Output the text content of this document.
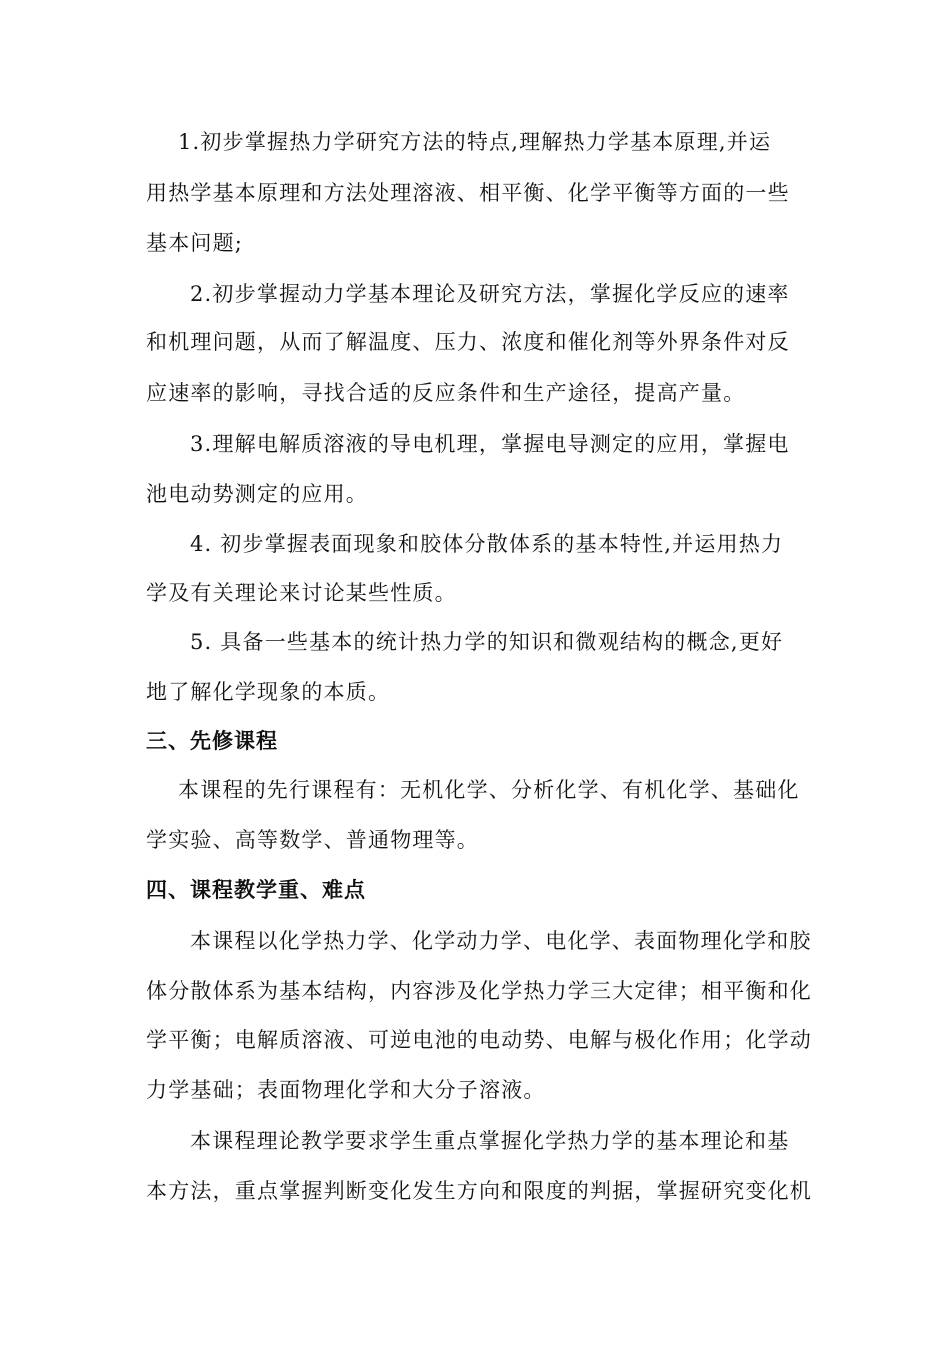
1.初步掌握热力学研究方法的特点,理解热力学基本原理,并运
用热学基本原理和方法处理溶液、相平衡、化学平衡等方面的一些
基本问题;
2.初步掌握动力学基本理论及研究方法，掌握化学反应的速率
和机理问题，从而了解温度、压力、浓度和催化剂等外界条件对反
应速率的影响，寻找合适的反应条件和生产途径，提高产量。
3.理解电解质溶液的导电机理，掌握电导测定的应用，掌握电
池电动势测定的应用。
4. 初步掌握表面现象和胶体分散体系的基本特性,并运用热力
学及有关理论来讨论某些性质。
5. 具备一些基本的统计热力学的知识和微观结构的概念,更好
地了解化学现象的本质。
三、先修课程
本课程的先行课程有：无机化学、分析化学、有机化学、基础化
学实验、高等数学、普通物理等。
四、课程教学重、难点
本课程以化学热力学、化学动力学、电化学、表面物理化学和胶
体分散体系为基本结构，内容涉及化学热力学三大定律；相平衡和化
学平衡；电解质溶液、可逆电池的电动势、电解与极化作用；化学动
力学基础；表面物理化学和大分子溶液。
本课程理论教学要求学生重点掌握化学热力学的基本理论和基
本方法，重点掌握判断变化发生方向和限度的判据，掌握研究变化机
